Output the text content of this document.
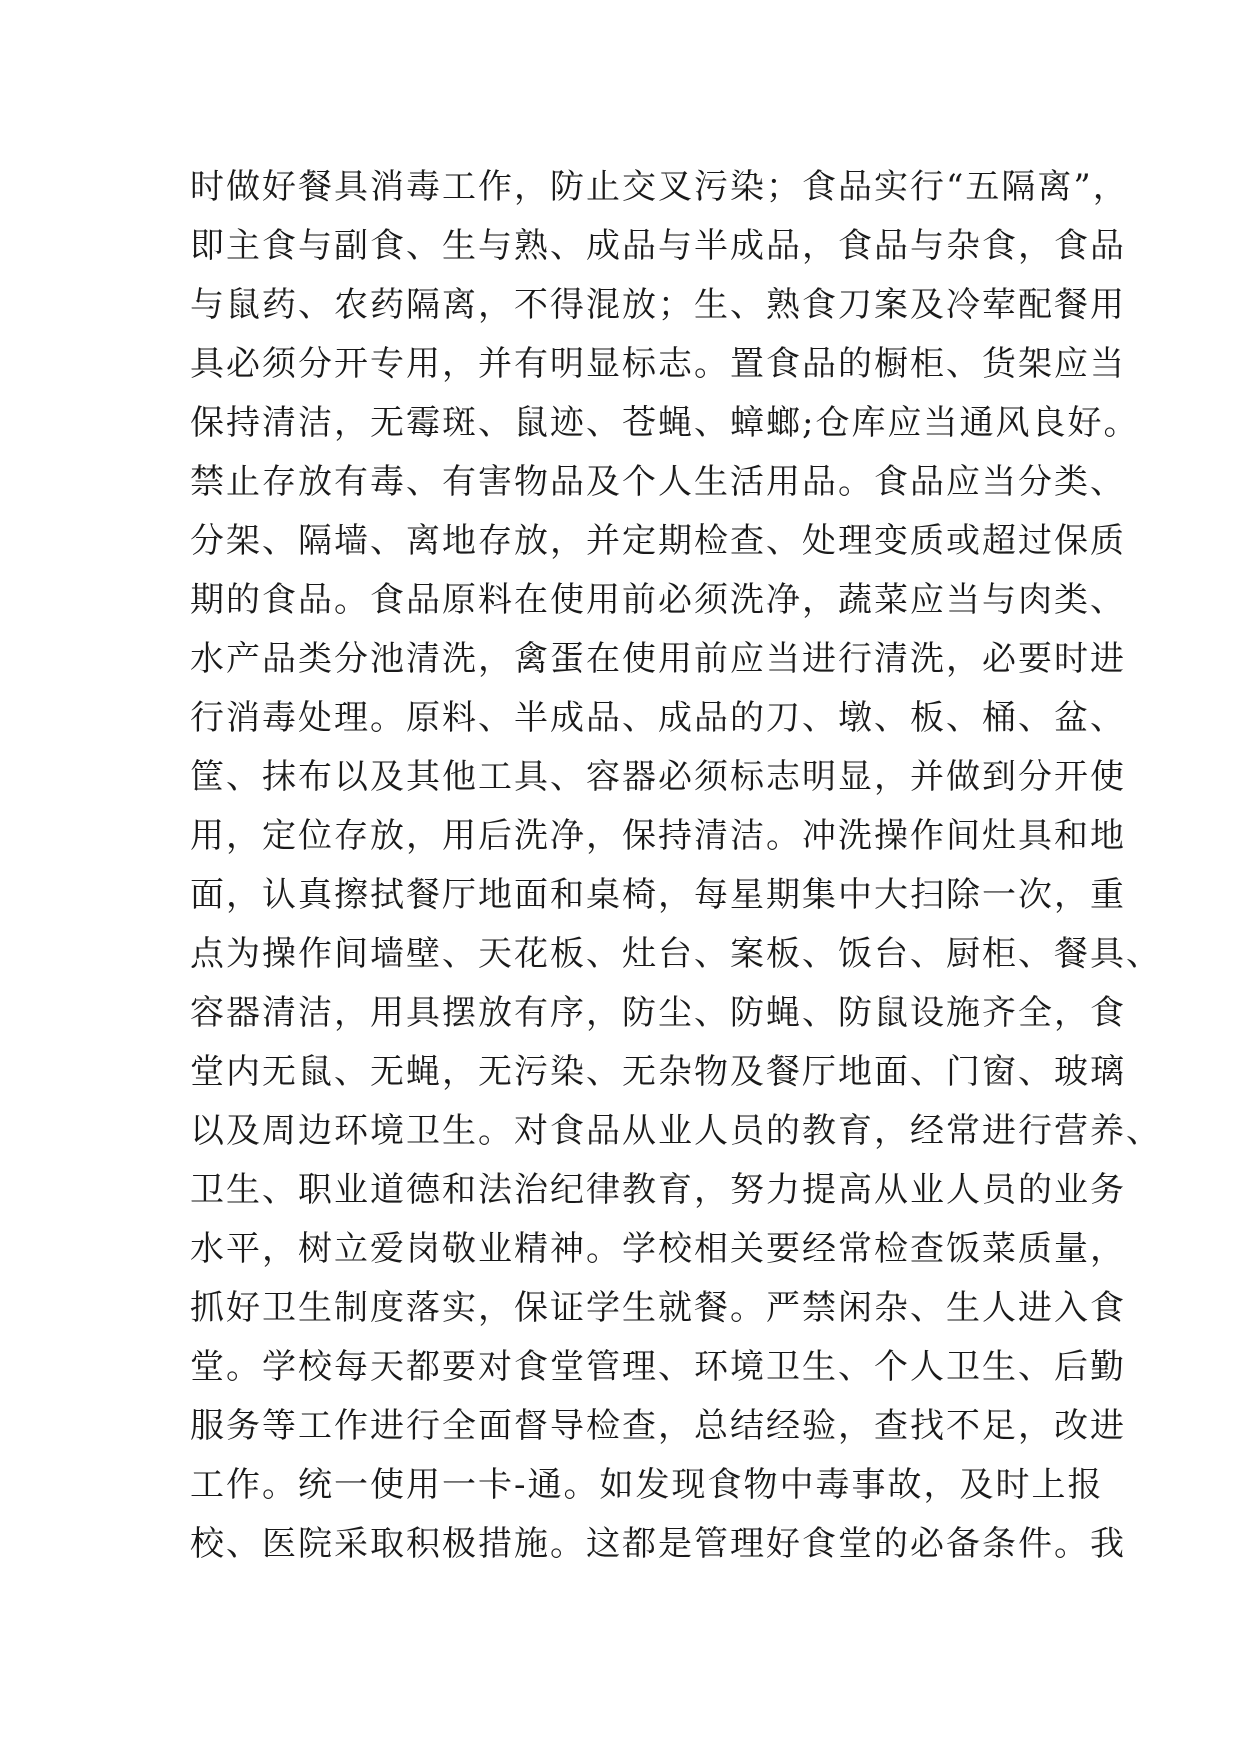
时做好餐具消毒工作，防止交叉污染；食品实行“五隔离”，
即主食与副食、生与熟、成品与半成品，食品与杂食，食品
与鼠药、农药隔离，不得混放；生、熟食刀案及冷荤配餐用
具必须分开专用，并有明显标志。置食品的橱柜、货架应当
保持清洁，无霉斑、鼠迹、苍蝇、蟑螂;仓库应当通风良好。
禁止存放有毒、有害物品及个人生活用品。食品应当分类、
分架、隔墙、离地存放，并定期检查、处理变质或超过保质
期的食品。食品原料在使用前必须洗净，蔬菜应当与肉类、
水产品类分池清洗，禽蛋在使用前应当进行清洗，必要时进
行消毒处理。原料、半成品、成品的刀、墩、板、桶、盆、
筐、抹布以及其他工具、容器必须标志明显，并做到分开使
用，定位存放，用后洗净，保持清洁。冲洗操作间灶具和地
面，认真擦拭餐厅地面和桌椅，每星期集中大扫除一次，重
点为操作间墙壁、天花板、灶台、案板、饭台、厨柜、餐具、
容器清洁，用具摆放有序，防尘、防蝇、防鼠设施齐全，食
堂内无鼠、无蝇，无污染、无杂物及餐厅地面、门窗、玻璃
以及周边环境卫生。对食品从业人员的教育，经常进行营养、
卫生、职业道德和法治纪律教育，努力提高从业人员的业务
水平，树立爱岗敬业精神。学校相关要经常检查饭菜质量，
抓好卫生制度落实，保证学生就餐。严禁闲杂、生人进入食
堂。学校每天都要对食堂管理、环境卫生、个人卫生、后勤
服务等工作进行全面督导检查，总结经验，查找不足，改进
工作。统一使用一卡-通。如发现食物中毒事故，及时上报
校、医院采取积极措施。这都是管理好食堂的必备条件。我
